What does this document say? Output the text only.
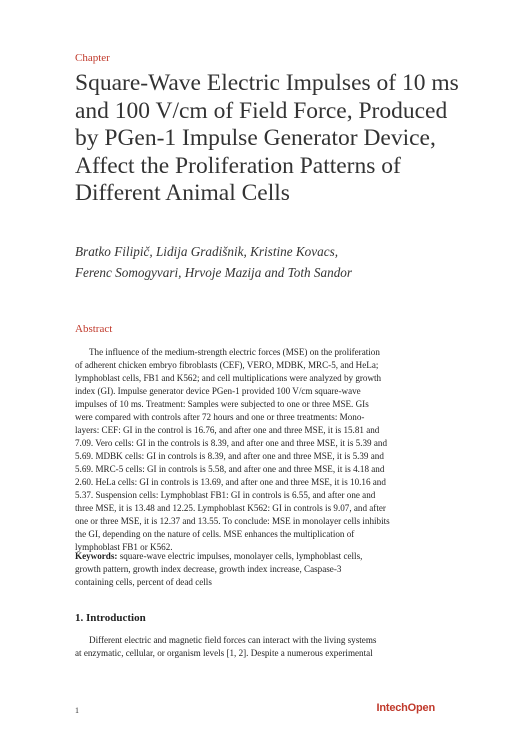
Chapter
Square-Wave Electric Impulses of 10 ms and 100 V/cm of Field Force, Produced by PGen-1 Impulse Generator Device, Affect the Proliferation Patterns of Different Animal Cells
Bratko Filipič, Lidija Gradišnik, Kristine Kovacs,
Ferenc Somogyvari, Hrvoje Mazija and Toth Sandor
Abstract
The influence of the medium-strength electric forces (MSE) on the proliferation
of adherent chicken embryo fibroblasts (CEF), VERO, MDBK, MRC-5, and HeLa;
lymphoblast cells, FB1 and K562; and cell multiplications were analyzed by growth
index (GI). Impulse generator device PGen-1 provided 100 V/cm square-wave
impulses of 10 ms. Treatment: Samples were subjected to one or three MSE. GIs
were compared with controls after 72 hours and one or three treatments: Mono-
layers: CEF: GI in the control is 16.76, and after one and three MSE, it is 15.81 and
7.09. Vero cells: GI in the controls is 8.39, and after one and three MSE, it is 5.39 and
5.69. MDBK cells: GI in controls is 8.39, and after one and three MSE, it is 5.39 and
5.69. MRC-5 cells: GI in controls is 5.58, and after one and three MSE, it is 4.18 and
2.60. HeLa cells: GI in controls is 13.69, and after one and three MSE, it is 10.16 and
5.37. Suspension cells: Lymphoblast FB1: GI in controls is 6.55, and after one and
three MSE, it is 13.48 and 12.25. Lymphoblast K562: GI in controls is 9.07, and after
one or three MSE, it is 12.37 and 13.55. To conclude: MSE in monolayer cells inhibits
the GI, depending on the nature of cells. MSE enhances the multiplication of
lymphoblast FB1 or K562.
Keywords: square-wave electric impulses, monolayer cells, lymphoblast cells,
growth pattern, growth index decrease, growth index increase, Caspase-3
containing cells, percent of dead cells
1. Introduction
Different electric and magnetic field forces can interact with the living systems
at enzymatic, cellular, or organism levels [1, 2]. Despite a numerous experimental
1	IntechOpen
